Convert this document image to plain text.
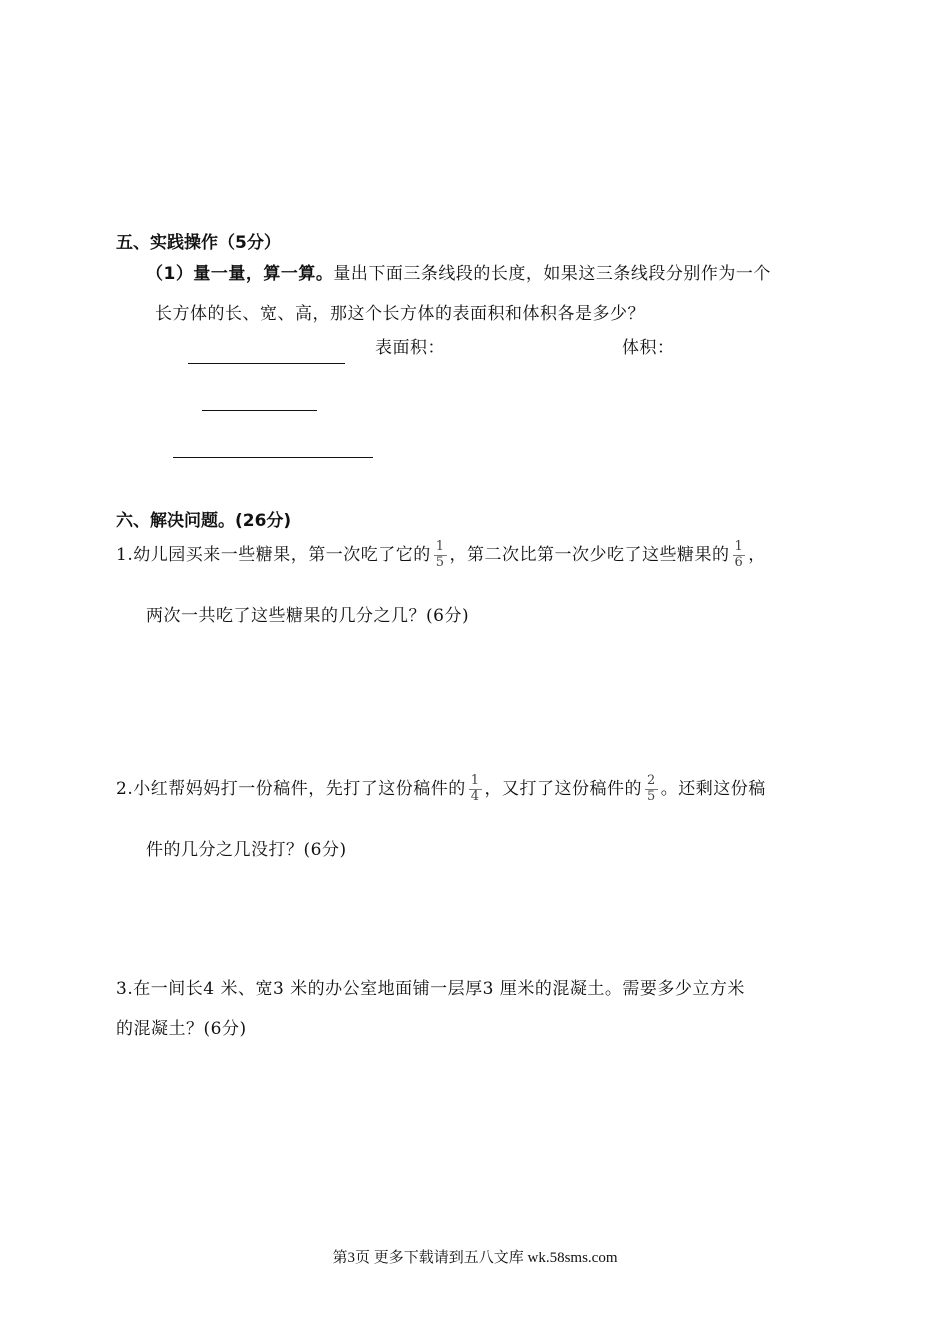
五、实践操作（5分）
（1）量一量，算一算。量出下面三条线段的长度，如果这三条线段分别作为一个
长方体的长、宽、高，那这个长方体的表面积和体积各是多少？
表面积：	体积：
六、解决问题。(26分)
1.幼儿园买来一些糖果，第一次吃了它的 $\frac{1}{5}$ ，第二次比第一次少吃了这些糖果的 $\frac{1}{6}$ ，
两次一共吃了这些糖果的几分之几？(6分)
2.小红帮妈妈打一份稿件，先打了这份稿件的 $\frac{1}{4}$ ，又打了这份稿件的 $\frac{2}{5}$ 。还剩这份稿
件的几分之几没打？(6分)
3.在一间长4 米、宽3 米的办公室地面铺一层厚3 厘米的混凝土。需要多少立方米
的混凝土？(6分)
第3页 更多下载请到五八文库 wk.58sms.com
